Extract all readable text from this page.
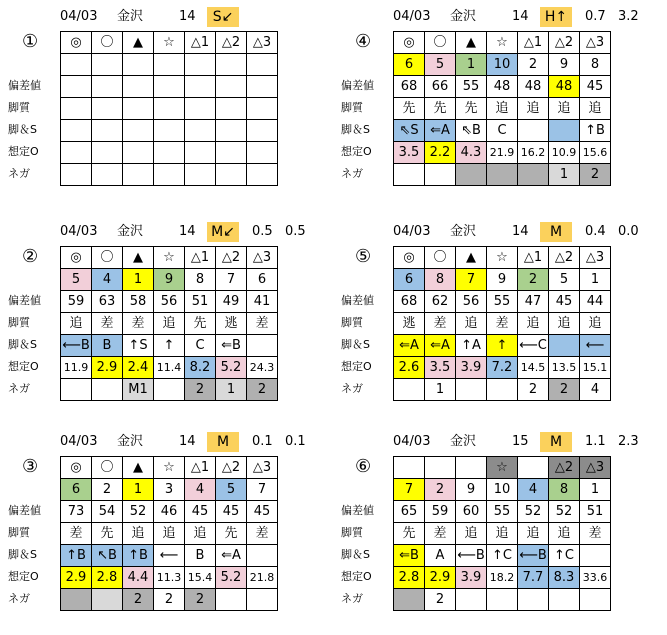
04/03 金沢	14	S↙
①
偏差値
脚質
脚＆S
想定O
ネガ
◎	〇	▲	☆	△1	△2	△3

04/03 金沢	14	H↑	0.7 3.2
④
偏差値
脚質
脚＆S
想定O
ネガ
◎	〇	▲	☆	△1	△2	△3
6	5	1	10	2	9	8
68	66	55	48	48	48	45
先	先	先	追	追	追	追
⇖S	⇐A	⇖B	C			↑B
3.5	2.2	4.3	21.9	16.2	10.9	15.6
					1	2
04/03 金沢	14 M↙	0.5 0.5
②
偏差値
脚質
脚＆S
想定O
ネガ
◎	〇	▲	☆	△1	△2	△3
5	4	1	9	8	7	6
59	63	58	56	51	49	41
追	差	差	追	先	逃	差
⟵B	B	↑S	↑	C	⇐B	
11.9	2.9	2.4	11.4	8.2	5.2	24.3
		M1		2	1	2
04/03 金沢	14	M	0.4 0.0
⑤
偏差値
脚質
脚＆S
想定O
ネガ
◎	〇	▲	☆	△1	△2	△3
6	8	7	9	2	5	1
68	62	56	55	47	45	44
逃	差	追	差	追	追	追
⇐A	⇐A	↑A	↑	⟵C		⟵
2.6	3.5	3.9	7.2	14.5	13.5	15.1
	1			2	2	4
04/03 金沢	14	M	0.1 0.1
③
偏差値
脚質
脚＆S
想定O
ネガ
◎	〇	▲	☆	△1	△2	△3
6	2	1	3	4	5	7
73	54	52	46	45	45	45
差	先	追	追	追	先	差
↑B	↖B	↑B	⟵	B	⇐A	
2.9	2.8	4.4	11.3	15.4	5.2	21.8
		2	2	2		
04/03 金沢	15	M	1.1 2.3
⑥
偏差値
脚質
脚＆S
想定O
ネガ
			☆		△2	△3
7	2	9	10	4	8	1
65	59	60	55	52	52	51
先	差	追	追	追	追	差
⇐B	A	⟵B	↑C	⟵B	↑C	
2.8	2.9	3.9	18.2	7.7	8.3	33.6
	2					
